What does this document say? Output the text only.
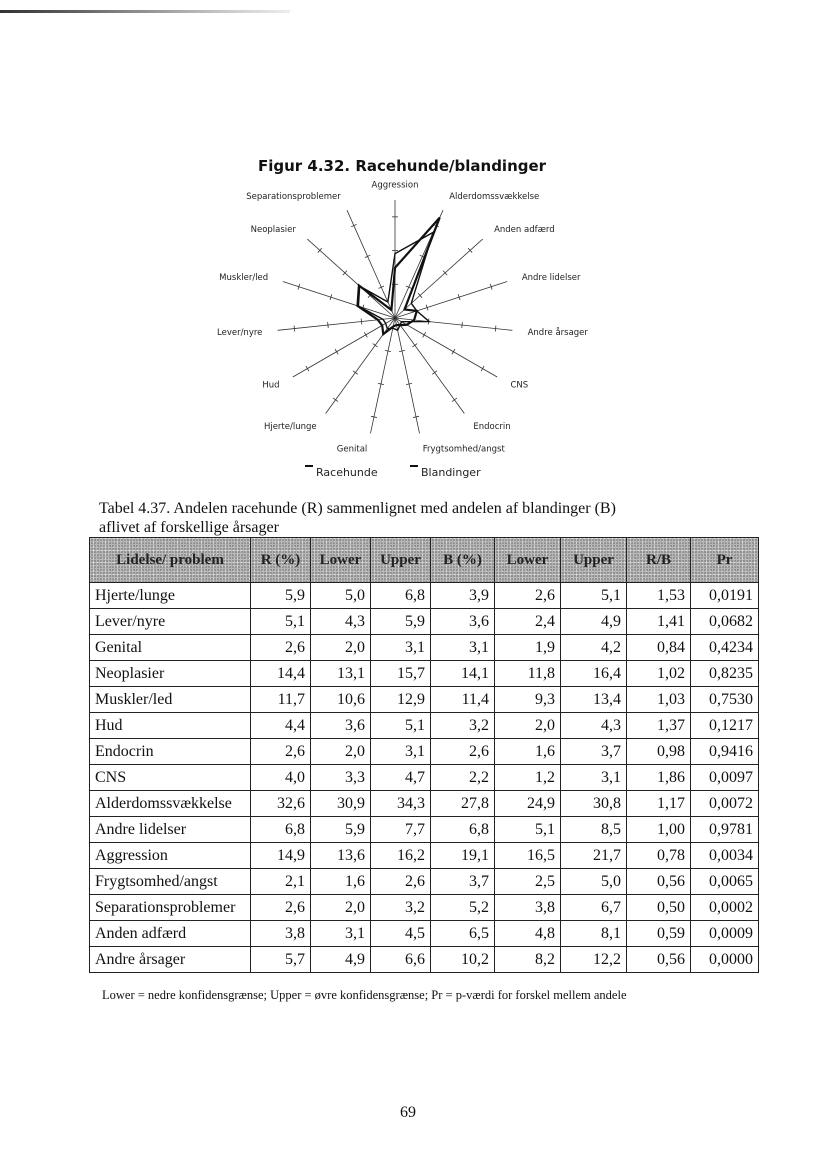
Figur 4.32. Racehunde/blandinger
Aggression
Alderdomssvækkelse
Anden adfærd
Andre lidelser
Andre årsager
CNS
Endocrin
Frygtsomhed/angst
Genital
Hjerte/lunge
Hud
Lever/nyre
Muskler/led
Neoplasier
Separationsproblemer
Racehunde	Blandinger
Tabel 4.37. Andelen racehunde (R) sammenlignet med andelen af blandinger (B) aflivet af forskellige årsager
Lidelse/ problem	R (%)	Lower	Upper	B (%)	Lower	Upper	R/B	Pr
Hjerte/lunge	5,9	5,0	6,8	3,9	2,6	5,1	1,53	0,0191
Lever/nyre	5,1	4,3	5,9	3,6	2,4	4,9	1,41	0,0682
Genital	2,6	2,0	3,1	3,1	1,9	4,2	0,84	0,4234
Neoplasier	14,4	13,1	15,7	14,1	11,8	16,4	1,02	0,8235
Muskler/led	11,7	10,6	12,9	11,4	9,3	13,4	1,03	0,7530
Hud	4,4	3,6	5,1	3,2	2,0	4,3	1,37	0,1217
Endocrin	2,6	2,0	3,1	2,6	1,6	3,7	0,98	0,9416
CNS	4,0	3,3	4,7	2,2	1,2	3,1	1,86	0,0097
Alderdomssvækkelse	32,6	30,9	34,3	27,8	24,9	30,8	1,17	0,0072
Andre lidelser	6,8	5,9	7,7	6,8	5,1	8,5	1,00	0,9781
Aggression	14,9	13,6	16,2	19,1	16,5	21,7	0,78	0,0034
Frygtsomhed/angst	2,1	1,6	2,6	3,7	2,5	5,0	0,56	0,0065
Separationsproblemer	2,6	2,0	3,2	5,2	3,8	6,7	0,50	0,0002
Anden adfærd	3,8	3,1	4,5	6,5	4,8	8,1	0,59	0,0009
Andre årsager	5,7	4,9	6,6	10,2	8,2	12,2	0,56	0,0000
Lower = nedre konfidensgrænse; Upper = øvre konfidensgrænse; Pr = p-værdi for forskel mellem andele
69
